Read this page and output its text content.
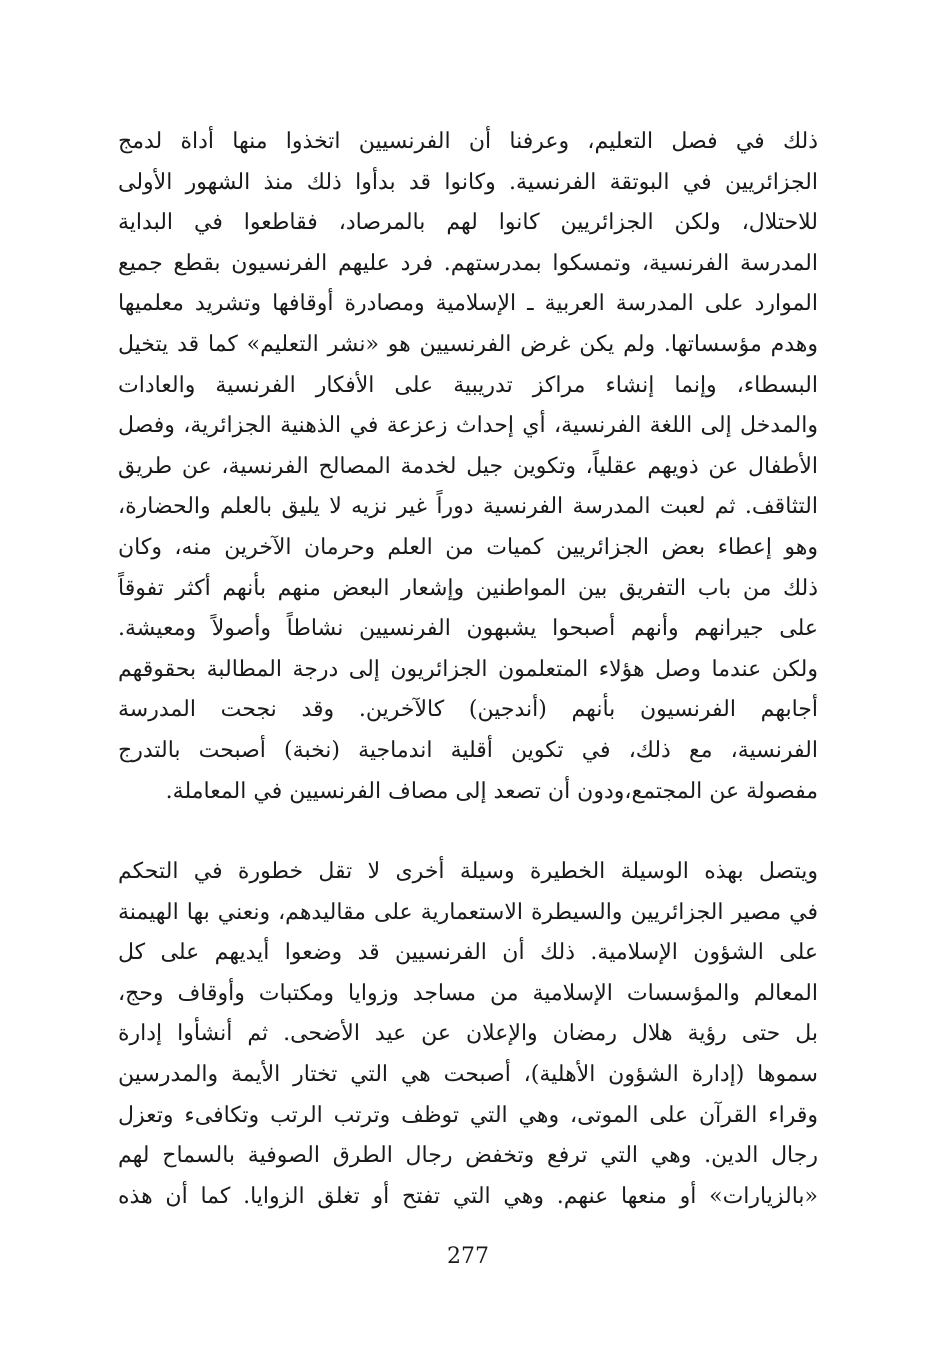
ذلك في فصل التعليم، وعرفنا أن الفرنسيين اتخذوا منها أداة لدمج
الجزائريين في البوتقة الفرنسية. وكانوا قد بدأوا ذلك منذ الشهور الأولى
للاحتلال، ولكن الجزائريين كانوا لهم بالمرصاد، فقاطعوا في البداية
المدرسة الفرنسية، وتمسكوا بمدرستهم. فرد عليهم الفرنسيون بقطع جميع
الموارد على المدرسة العربية ـ الإسلامية ومصادرة أوقافها وتشريد معلميها
وهدم مؤسساتها. ولم يكن غرض الفرنسيين هو «نشر التعليم» كما قد يتخيل
البسطاء، وإنما إنشاء مراكز تدريبية على الأفكار الفرنسية والعادات
والمدخل إلى اللغة الفرنسية، أي إحداث زعزعة في الذهنية الجزائرية، وفصل
الأطفال عن ذويهم عقلياً، وتكوين جيل لخدمة المصالح الفرنسية، عن طريق
التثاقف. ثم لعبت المدرسة الفرنسية دوراً غير نزيه لا يليق بالعلم والحضارة،
وهو إعطاء بعض الجزائريين كميات من العلم وحرمان الآخرين منه، وكان
ذلك من باب التفريق بين المواطنين وإشعار البعض منهم بأنهم أكثر تفوقاً
على جيرانهم وأنهم أصبحوا يشبهون الفرنسيين نشاطاً وأصولاً ومعيشة.
ولكن عندما وصل هؤلاء المتعلمون الجزائريون إلى درجة المطالبة بحقوقهم
أجابهم الفرنسيون بأنهم (أندجين) كالآخرين. وقد نجحت المدرسة
الفرنسية، مع ذلك، في تكوين أقلية اندماجية (نخبة) أصبحت بالتدرج
مفصولة عن المجتمع،ودون أن تصعد إلى مصاف الفرنسيين في المعاملة.
ويتصل بهذه الوسيلة الخطيرة وسيلة أخرى لا تقل خطورة في التحكم
في مصير الجزائريين والسيطرة الاستعمارية على مقاليدهم، ونعني بها الهيمنة
على الشؤون الإسلامية. ذلك أن الفرنسيين قد وضعوا أيديهم على كل
المعالم والمؤسسات الإسلامية من مساجد وزوايا ومكتبات وأوقاف وحج،
بل حتى رؤية هلال رمضان والإعلان عن عيد الأضحى. ثم أنشأوا إدارة
سموها (إدارة الشؤون الأهلية)، أصبحت هي التي تختار الأيمة والمدرسين
وقراء القرآن على الموتى، وهي التي توظف وترتب الرتب وتكافىء وتعزل
رجال الدين. وهي التي ترفع وتخفض رجال الطرق الصوفية بالسماح لهم
«بالزيارات» أو منعها عنهم. وهي التي تفتح أو تغلق الزوايا. كما أن هذه
277
